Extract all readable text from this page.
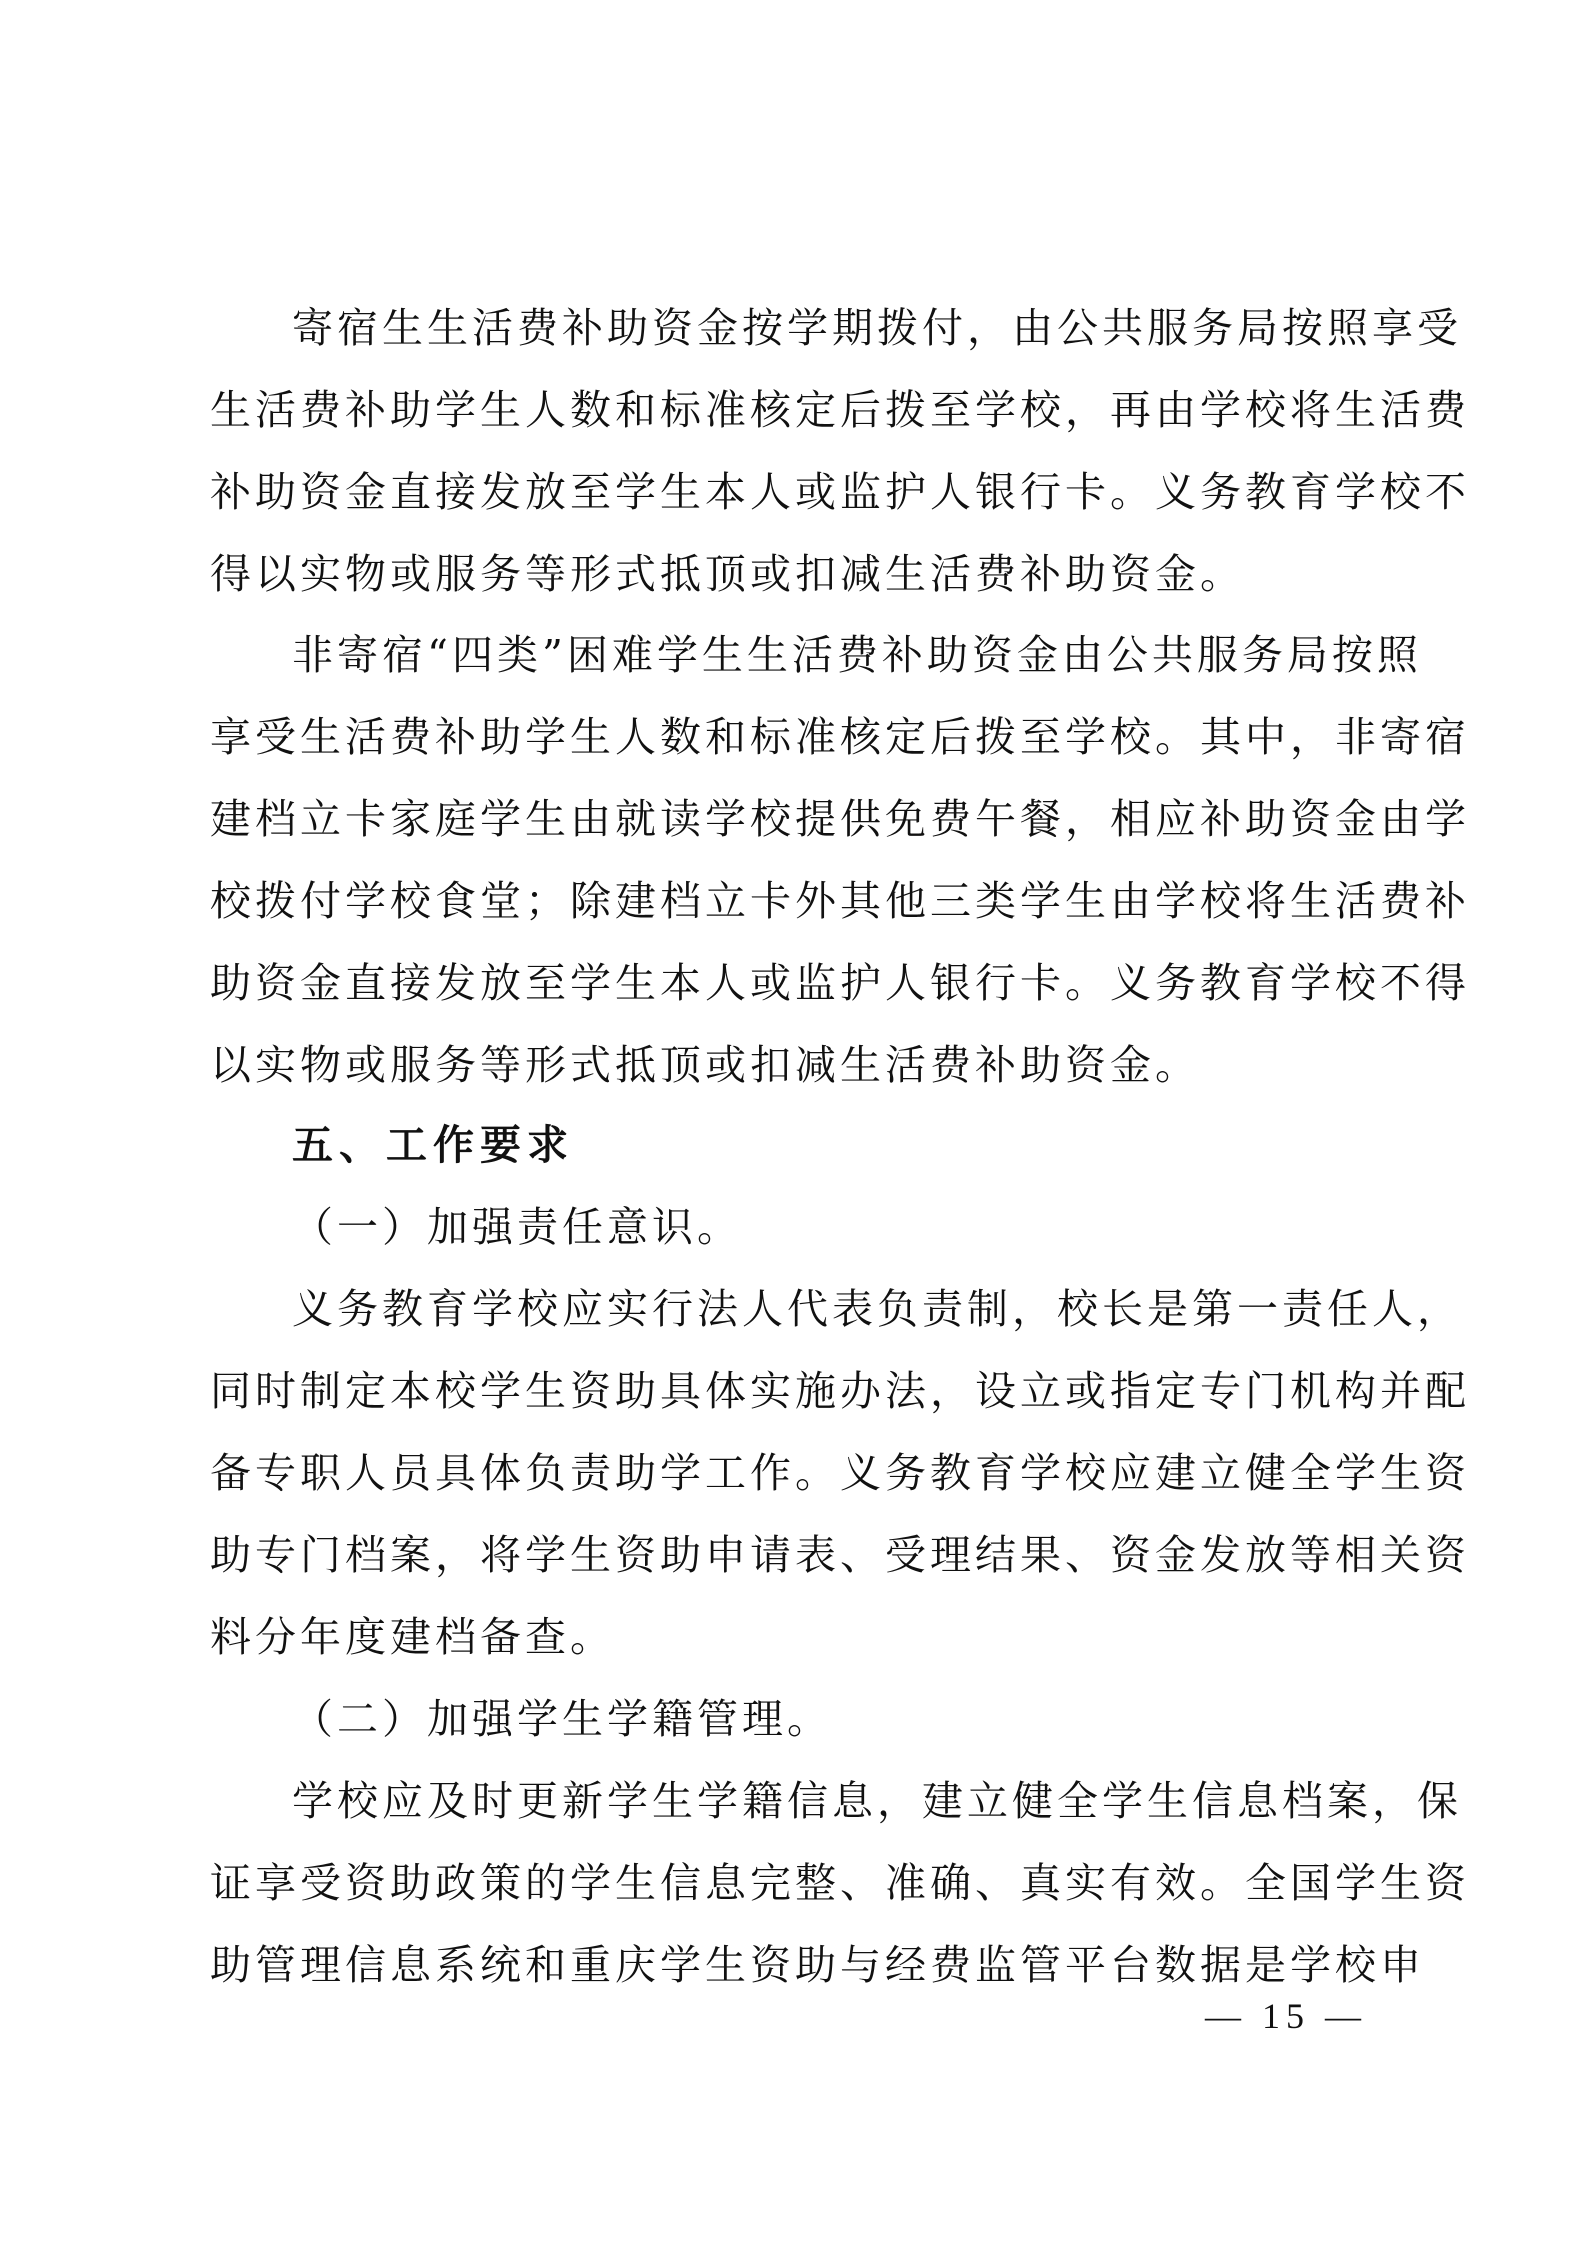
寄宿生生活费补助资金按学期拨付，由公共服务局按照享受
生活费补助学生人数和标准核定后拨至学校，再由学校将生活费
补助资金直接发放至学生本人或监护人银行卡。义务教育学校不
得以实物或服务等形式抵顶或扣减生活费补助资金。
非寄宿“四类”困难学生生活费补助资金由公共服务局按照
享受生活费补助学生人数和标准核定后拨至学校。其中，非寄宿
建档立卡家庭学生由就读学校提供免费午餐，相应补助资金由学
校拨付学校食堂；除建档立卡外其他三类学生由学校将生活费补
助资金直接发放至学生本人或监护人银行卡。义务教育学校不得
以实物或服务等形式抵顶或扣减生活费补助资金。
五、工作要求
（一）加强责任意识。
义务教育学校应实行法人代表负责制，校长是第一责任人，
同时制定本校学生资助具体实施办法，设立或指定专门机构并配
备专职人员具体负责助学工作。义务教育学校应建立健全学生资
助专门档案，将学生资助申请表、受理结果、资金发放等相关资
料分年度建档备查。
（二）加强学生学籍管理。
学校应及时更新学生学籍信息，建立健全学生信息档案，保
证享受资助政策的学生信息完整、准确、真实有效。全国学生资
助管理信息系统和重庆学生资助与经费监管平台数据是学校申
— 15 —
